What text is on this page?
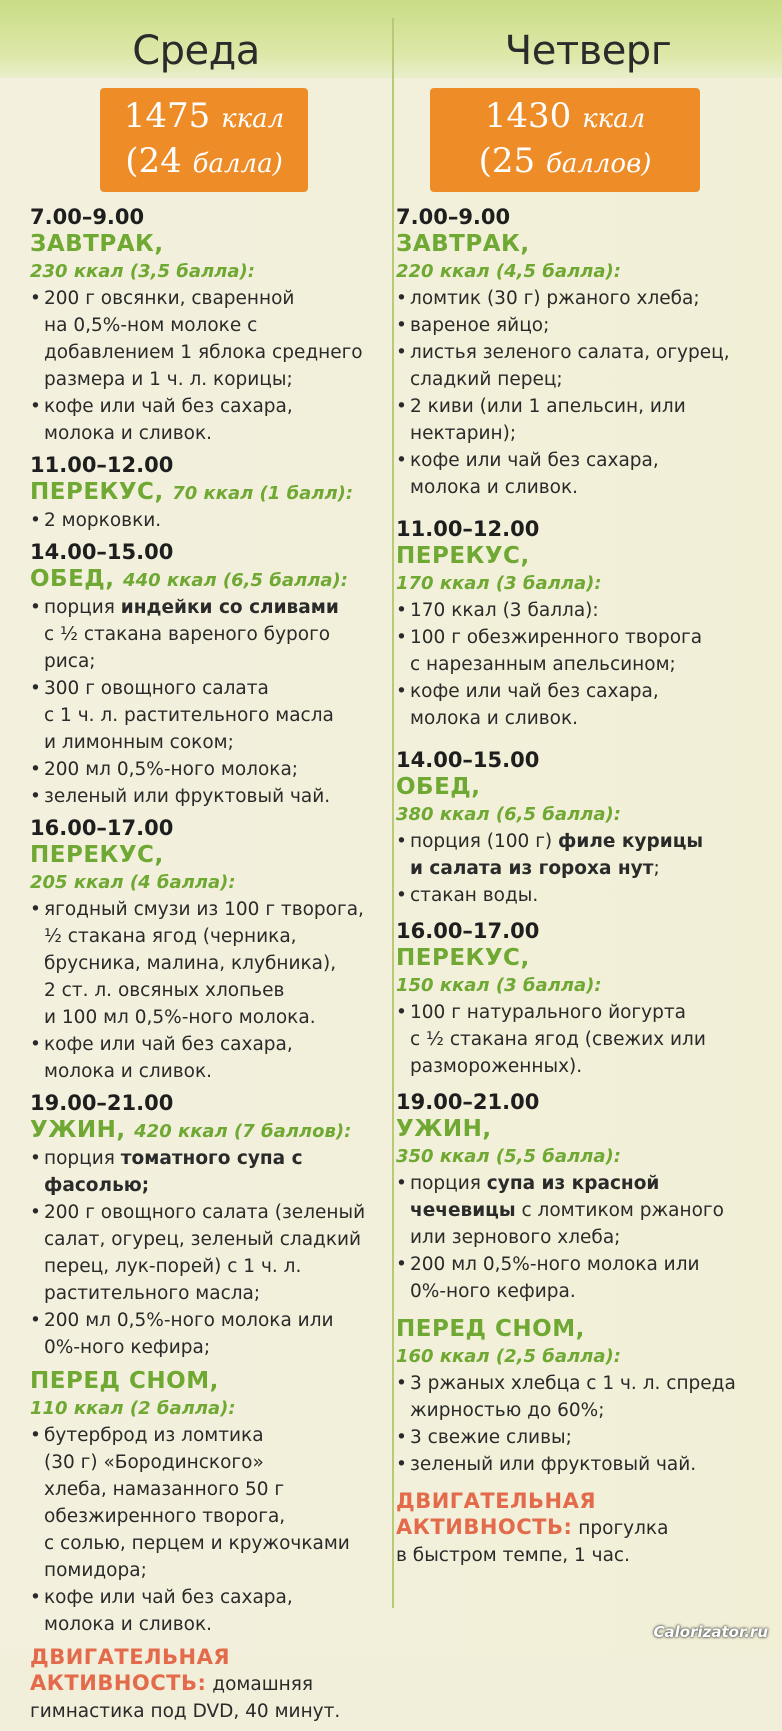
Среда
1475 ккал
(24 балла)
7.00–9.00
ЗАВТРАК,
230 ккал (3,5 балла):
• 200 г овсянки, сваренной
на 0,5%-ном молоке с
добавлением 1 яблока среднего
размера и 1 ч. л. корицы;
• кофе или чай без сахара,
молока и сливок.
11.00–12.00
ПЕРЕКУС, 70 ккал (1 балл):
• 2 морковки.
14.00–15.00
ОБЕД, 440 ккал (6,5 балла):
• порция индейки со сливами
с ½ стакана вареного бурого
риса;
• 300 г овощного салата
с 1 ч. л. растительного масла
и лимонным соком;
• 200 мл 0,5%-ного молока;
• зеленый или фруктовый чай.
16.00–17.00
ПЕРЕКУС,
205 ккал (4 балла):
• ягодный смузи из 100 г творога,
½ стакана ягод (черника,
брусника, малина, клубника),
2 ст. л. овсяных хлопьев
и 100 мл 0,5%-ного молока.
• кофе или чай без сахара,
молока и сливок.
19.00–21.00
УЖИН, 420 ккал (7 баллов):
• порция томатного супа с
фасолью;
• 200 г овощного салата (зеленый
салат, огурец, зеленый сладкий
перец, лук-порей) с 1 ч. л.
растительного масла;
• 200 мл 0,5%-ного молока или
0%-ного кефира;
ПЕРЕД СНОМ,
110 ккал (2 балла):
• бутерброд из ломтика
(30 г) «Бородинского»
хлеба, намазанного 50 г
обезжиренного творога,
с солью, перцем и кружочками
помидора;
• кофе или чай без сахара,
молока и сливок.
ДВИГАТЕЛЬНАЯ
АКТИВНОСТЬ: домашняя
гимнастика под DVD, 40 минут.
Четверг
1430 ккал
(25 баллов)
7.00–9.00
ЗАВТРАК,
220 ккал (4,5 балла):
• ломтик (30 г) ржаного хлеба;
• вареное яйцо;
• листья зеленого салата, огурец,
сладкий перец;
• 2 киви (или 1 апельсин, или
нектарин);
• кофе или чай без сахара,
молока и сливок.
11.00–12.00
ПЕРЕКУС,
170 ккал (3 балла):
• 170 ккал (3 балла):
• 100 г обезжиренного творога
с нарезанным апельсином;
• кофе или чай без сахара,
молока и сливок.
14.00–15.00
ОБЕД,
380 ккал (6,5 балла):
• порция (100 г) филе курицы
и салата из гороха нут;
• стакан воды.
16.00–17.00
ПЕРЕКУС,
150 ккал (3 балла):
• 100 г натурального йогурта
с ½ стакана ягод (свежих или
размороженных).
19.00–21.00
УЖИН,
350 ккал (5,5 балла):
• порция супа из красной
чечевицы с ломтиком ржаного
или зернового хлеба;
• 200 мл 0,5%-ного молока или
0%-ного кефира.
ПЕРЕД СНОМ,
160 ккал (2,5 балла):
• 3 ржаных хлебца с 1 ч. л. спреда
жирностью до 60%;
• 3 свежие сливы;
• зеленый или фруктовый чай.
ДВИГАТЕЛЬНАЯ
АКТИВНОСТЬ: прогулка
в быстром темпе, 1 час.
Calorizator.ru
